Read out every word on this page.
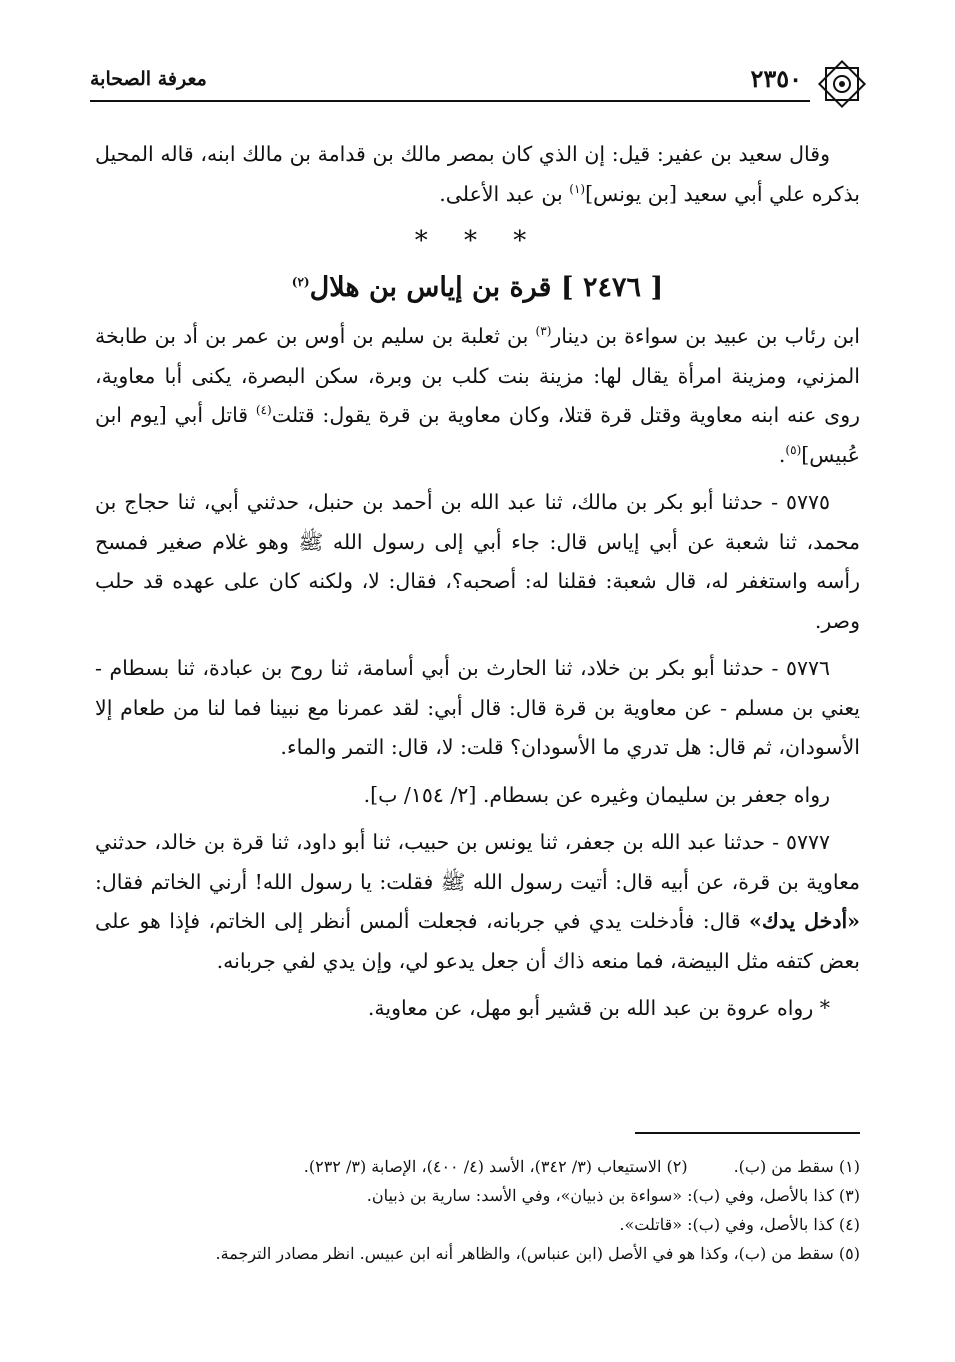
٢٣٥٠
معرفة الصحابة

وقال سعيد بن عفير: قيل: إن الذي كان بمصر مالك بن قدامة بن مالك ابنه، قاله المحيل بذكره علي أبي سعيد [بن يونس]$^{(١)}$ بن عبد الأعلى.

* * *

[ ٢٤٧٦ ] قرة بن إياس بن هلال$^{(٢)}$

ابن رئاب بن عبيد بن سواءة بن دينار$^{(٣)}$ بن ثعلبة بن سليم بن أوس بن عمر بن أد بن طابخة المزني، ومزينة امرأة يقال لها: مزينة بنت كلب بن وبرة، سكن البصرة، يكنى أبا معاوية، روى عنه ابنه معاوية وقتل قرة قتلا، وكان معاوية بن قرة يقول: قتلت$^{(٤)}$ قاتل أبي [يوم ابن عُبيس]$^{(٥)}$.

٥٧٧٥ - حدثنا أبو بكر بن مالك، ثنا عبد الله بن أحمد بن حنبل، حدثني أبي، ثنا حجاج بن محمد، ثنا شعبة عن أبي إياس قال: جاء أبي إلى رسول الله ﷺ وهو غلام صغير فمسح رأسه واستغفر له، قال شعبة: فقلنا له: أصحبه؟، فقال: لا، ولكنه كان على عهده قد حلب وصر.

٥٧٧٦ - حدثنا أبو بكر بن خلاد، ثنا الحارث بن أبي أسامة، ثنا روح بن عبادة، ثنا بسطام - يعني بن مسلم - عن معاوية بن قرة قال: قال أبي: لقد عمرنا مع نبينا فما لنا من طعام إلا الأسودان، ثم قال: هل تدري ما الأسودان؟ قلت: لا، قال: التمر والماء.

رواه جعفر بن سليمان وغيره عن بسطام. [٢/ ١٥٤/ ب].

٥٧٧٧ - حدثنا عبد الله بن جعفر، ثنا يونس بن حبيب، ثنا أبو داود، ثنا قرة بن خالد، حدثني معاوية بن قرة، عن أبيه قال: أتيت رسول الله ﷺ فقلت: يا رسول الله! أرني الخاتم فقال: «أدخل يدك» قال: فأدخلت يدي في جربانه، فجعلت ألمس أنظر إلى الخاتم، فإذا هو على بعض كتفه مثل البيضة، فما منعه ذاك أن جعل يدعو لي، وإن يدي لفي جربانه.

* رواه عروة بن عبد الله بن قشير أبو مهل، عن معاوية.

(١) سقط من (ب).(٢) الاستيعاب (٣/ ٣٤٢)، الأسد (٤/ ٤٠٠)، الإصابة (٣/ ٢٣٢).
(٣) كذا بالأصل، وفي (ب): «سواءة بن ذبيان»، وفي الأسد: سارية بن ذبيان.
(٤) كذا بالأصل، وفي (ب): «قاتلت».
(٥) سقط من (ب)، وكذا هو في الأصل (ابن عنباس)، والظاهر أنه ابن عبيس. انظر مصادر الترجمة.
